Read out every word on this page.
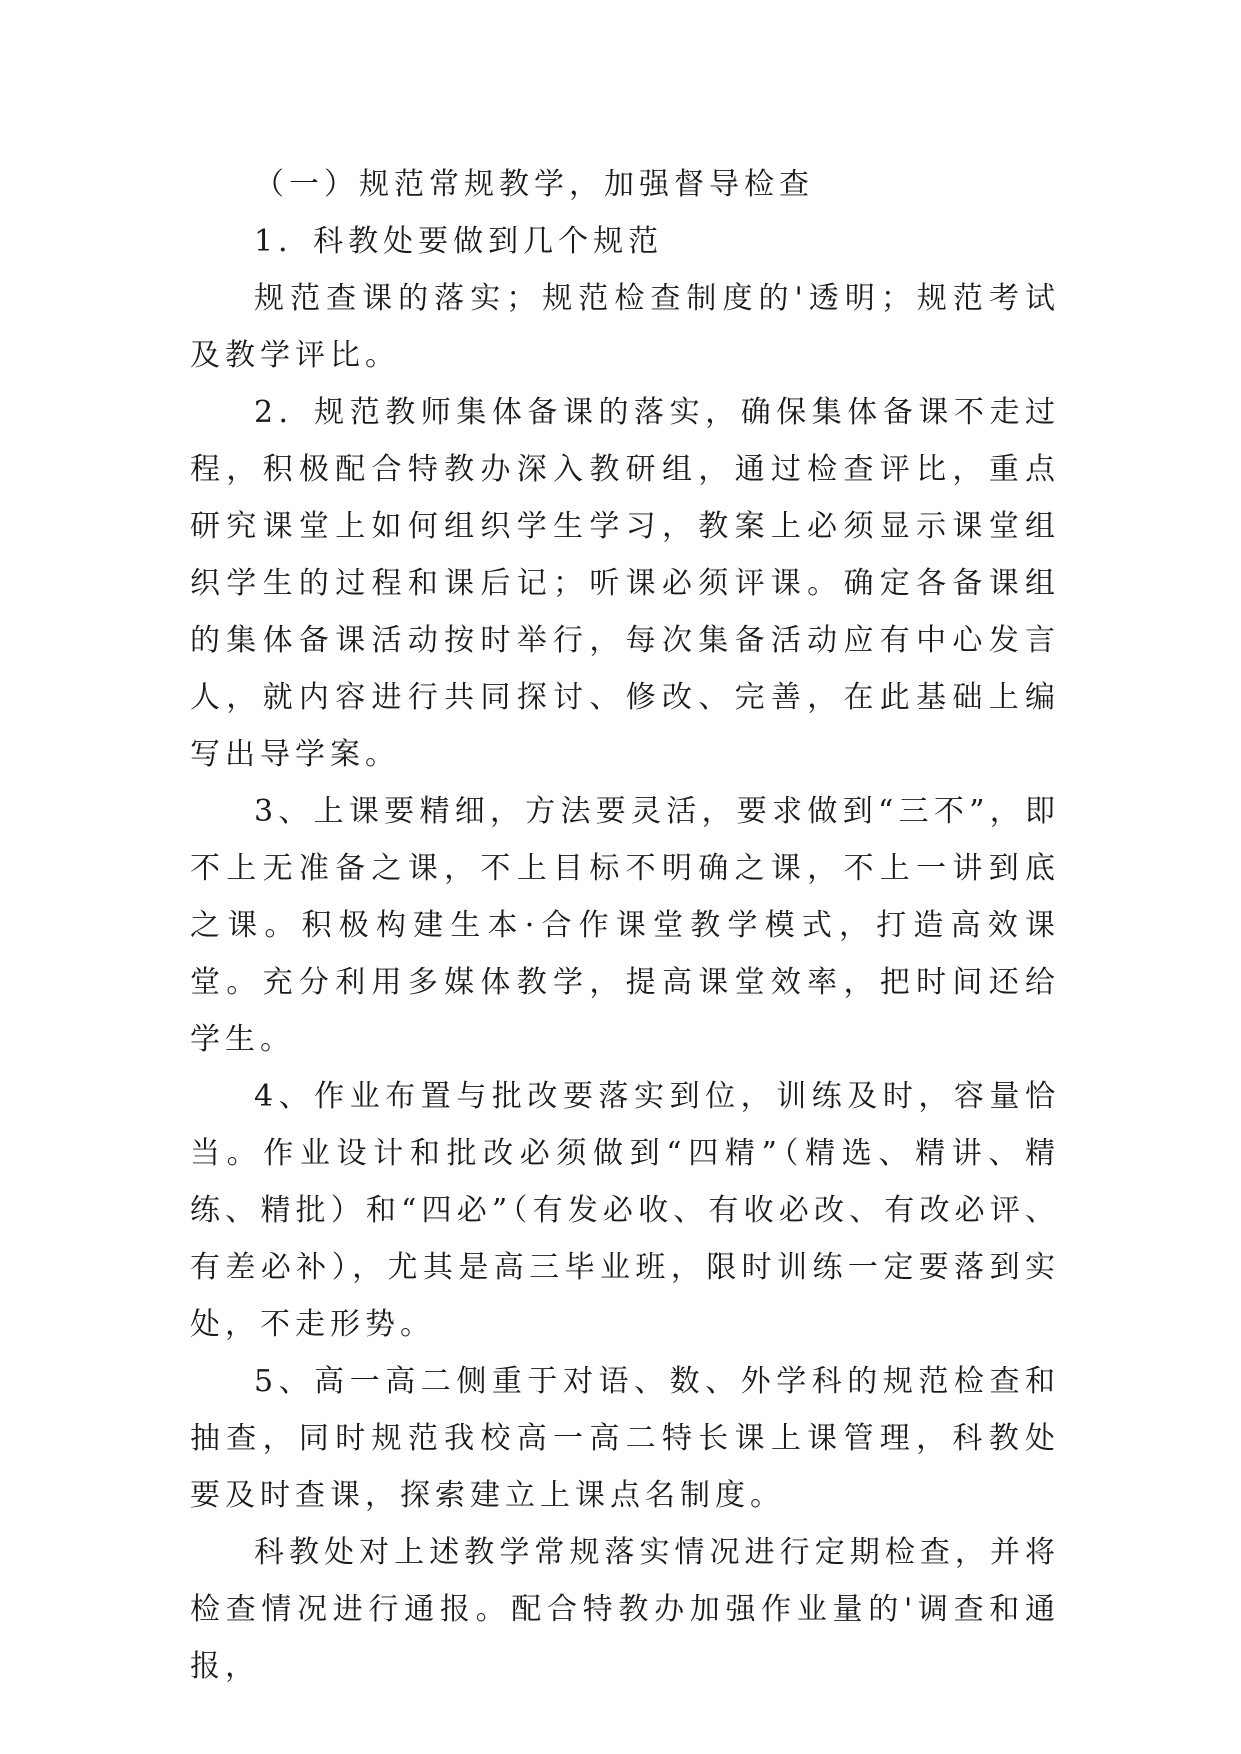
（一）规范常规教学，加强督导检查

1．科教处要做到几个规范

规范查课的落实；规范检查制度的'透明；规范考试及教学评比。

2．规范教师集体备课的落实，确保集体备课不走过程，积极配合特教办深入教研组，通过检查评比，重点研究课堂上如何组织学生学习，教案上必须显示课堂组织学生的过程和课后记；听课必须评课。确定各备课组的集体备课活动按时举行，每次集备活动应有中心发言人，就内容进行共同探讨、修改、完善，在此基础上编写出导学案。

3、上课要精细，方法要灵活，要求做到“三不”，即不上无准备之课，不上目标不明确之课，不上一讲到底之课。积极构建生本·合作课堂教学模式，打造高效课堂。充分利用多媒体教学，提高课堂效率，把时间还给学生。

4、作业布置与批改要落实到位，训练及时，容量恰当。作业设计和批改必须做到“四精”（精选、精讲、精练、精批）和“四必”（有发必收、有收必改、有改必评、有差必补），尤其是高三毕业班，限时训练一定要落到实处，不走形势。

5、高一高二侧重于对语、数、外学科的规范检查和抽查，同时规范我校高一高二特长课上课管理，科教处要及时查课，探索建立上课点名制度。

科教处对上述教学常规落实情况进行定期检查，并将检查情况进行通报。配合特教办加强作业量的'调查和通报，
